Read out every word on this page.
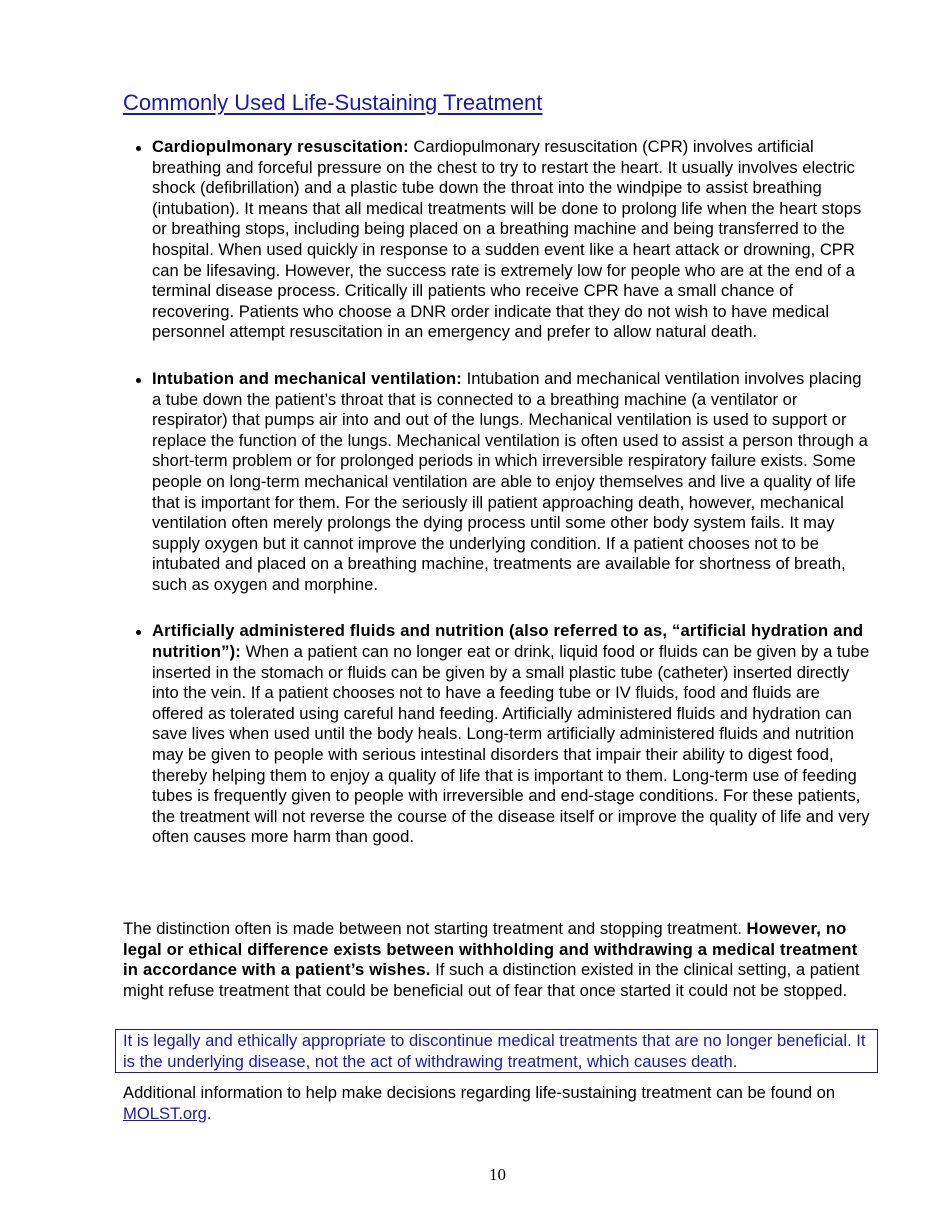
Commonly Used Life-Sustaining Treatment
Cardiopulmonary resuscitation: Cardiopulmonary resuscitation (CPR) involves artificial breathing and forceful pressure on the chest to try to restart the heart. It usually involves electric shock (defibrillation) and a plastic tube down the throat into the windpipe to assist breathing (intubation). It means that all medical treatments will be done to prolong life when the heart stops or breathing stops, including being placed on a breathing machine and being transferred to the hospital. When used quickly in response to a sudden event like a heart attack or drowning, CPR can be lifesaving. However, the success rate is extremely low for people who are at the end of a terminal disease process. Critically ill patients who receive CPR have a small chance of recovering. Patients who choose a DNR order indicate that they do not wish to have medical personnel attempt resuscitation in an emergency and prefer to allow natural death.
Intubation and mechanical ventilation: Intubation and mechanical ventilation involves placing a tube down the patient’s throat that is connected to a breathing machine (a ventilator or respirator) that pumps air into and out of the lungs. Mechanical ventilation is used to support or replace the function of the lungs. Mechanical ventilation is often used to assist a person through a short-term problem or for prolonged periods in which irreversible respiratory failure exists. Some people on long-term mechanical ventilation are able to enjoy themselves and live a quality of life that is important for them. For the seriously ill patient approaching death, however, mechanical ventilation often merely prolongs the dying process until some other body system fails. It may supply oxygen but it cannot improve the underlying condition. If a patient chooses not to be intubated and placed on a breathing machine, treatments are available for shortness of breath, such as oxygen and morphine.
Artificially administered fluids and nutrition (also referred to as, “artificial hydration and nutrition”): When a patient can no longer eat or drink, liquid food or fluids can be given by a tube inserted in the stomach or fluids can be given by a small plastic tube (catheter) inserted directly into the vein. If a patient chooses not to have a feeding tube or IV fluids, food and fluids are offered as tolerated using careful hand feeding. Artificially administered fluids and hydration can save lives when used until the body heals. Long-term artificially administered fluids and nutrition may be given to people with serious intestinal disorders that impair their ability to digest food, thereby helping them to enjoy a quality of life that is important to them. Long-term use of feeding tubes is frequently given to people with irreversible and end-stage conditions. For these patients, the treatment will not reverse the course of the disease itself or improve the quality of life and very often causes more harm than good.

The distinction often is made between not starting treatment and stopping treatment. However, no legal or ethical difference exists between withholding and withdrawing a medical treatment in accordance with a patient’s wishes. If such a distinction existed in the clinical setting, a patient might refuse treatment that could be beneficial out of fear that once started it could not be stopped.

It is legally and ethically appropriate to discontinue medical treatments that are no longer beneficial. It is the underlying disease, not the act of withdrawing treatment, which causes death.

Additional information to help make decisions regarding life-sustaining treatment can be found on MOLST.org.

10
